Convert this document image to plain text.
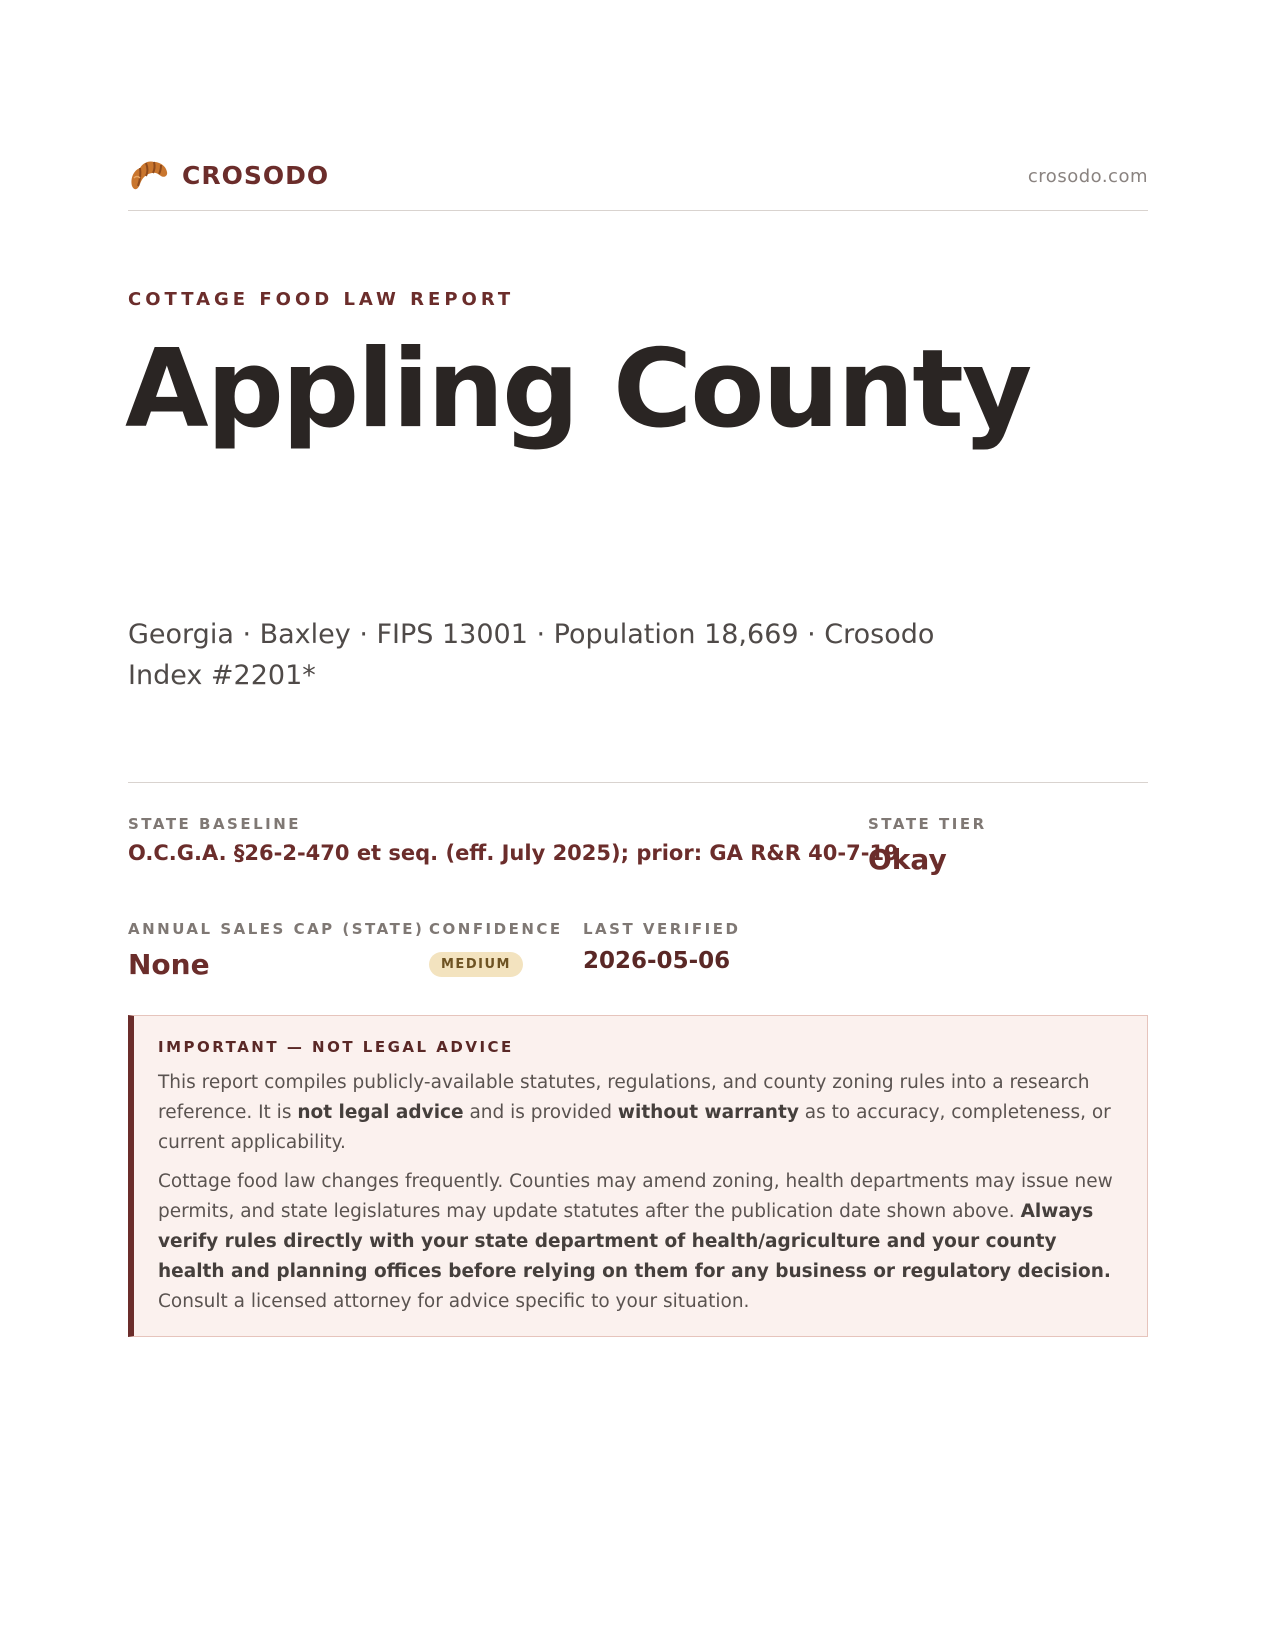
CROSODO	crosodo.com
COTTAGE FOOD LAW REPORT
Appling County
Georgia · Baxley · FIPS 13001 · Population 18,669 · Crosodo Index #2201*
STATE BASELINE
O.C.G.A. §26-2-470 et seq. (eff. July 2025); prior: GA R&R 40-7-19
STATE TIER
Okay
ANNUAL SALES CAP (STATE)
None
CONFIDENCE
MEDIUM
LAST VERIFIED
2026-05-06
IMPORTANT — NOT LEGAL ADVICE

This report compiles publicly-available statutes, regulations, and county zoning rules into a research reference. It is not legal advice and is provided without warranty as to accuracy, completeness, or current applicability.

Cottage food law changes frequently. Counties may amend zoning, health departments may issue new permits, and state legislatures may update statutes after the publication date shown above. Always verify rules directly with your state department of health/agriculture and your county health and planning offices before relying on them for any business or regulatory decision. Consult a licensed attorney for advice specific to your situation.
